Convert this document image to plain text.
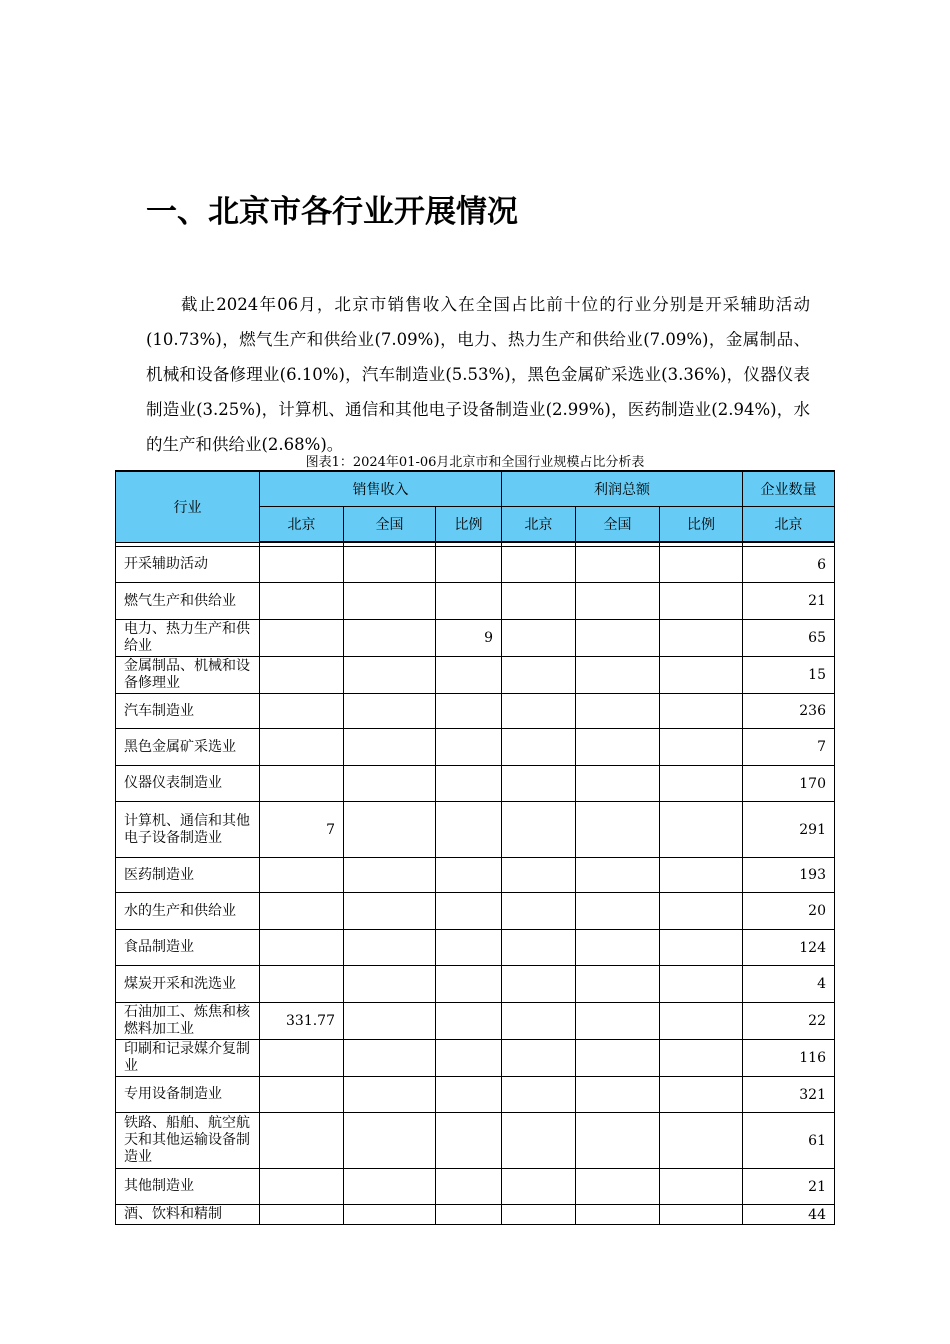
一、北京市各行业开展情况

截止2024年06月，北京市销售收入在全国占比前十位的行业分别是开采辅助活动(10.73%)，燃气生产和供给业(7.09%)，电力、热力生产和供给业(7.09%)，金属制品、机械和设备修理业(6.10%)，汽车制造业(5.53%)，黑色金属矿采选业(3.36%)，仪器仪表制造业(3.25%)，计算机、通信和其他电子设备制造业(2.99%)，医药制造业(2.94%)，水的生产和供给业(2.68%)。

图表1：2024年01-06月北京市和全国行业规模占比分析表

行业	销售收入			利润总额			企业数量
	北京	全国	比例	北京	全国	比例	北京

开采辅助活动							6
燃气生产和供给业							21
电力、热力生产和供给业			9				65
金属制品、机械和设备修理业							15
汽车制造业							236
黑色金属矿采选业							7
仪器仪表制造业							170
计算机、通信和其他电子设备制造业	7						291
医药制造业							193
水的生产和供给业							20
食品制造业							124
煤炭开采和洗选业							4
石油加工、炼焦和核燃料加工业	331.77						22
印刷和记录媒介复制业							116
专用设备制造业							321
铁路、船舶、航空航天和其他运输设备制造业							61
其他制造业							21
酒、饮料和精制							44
